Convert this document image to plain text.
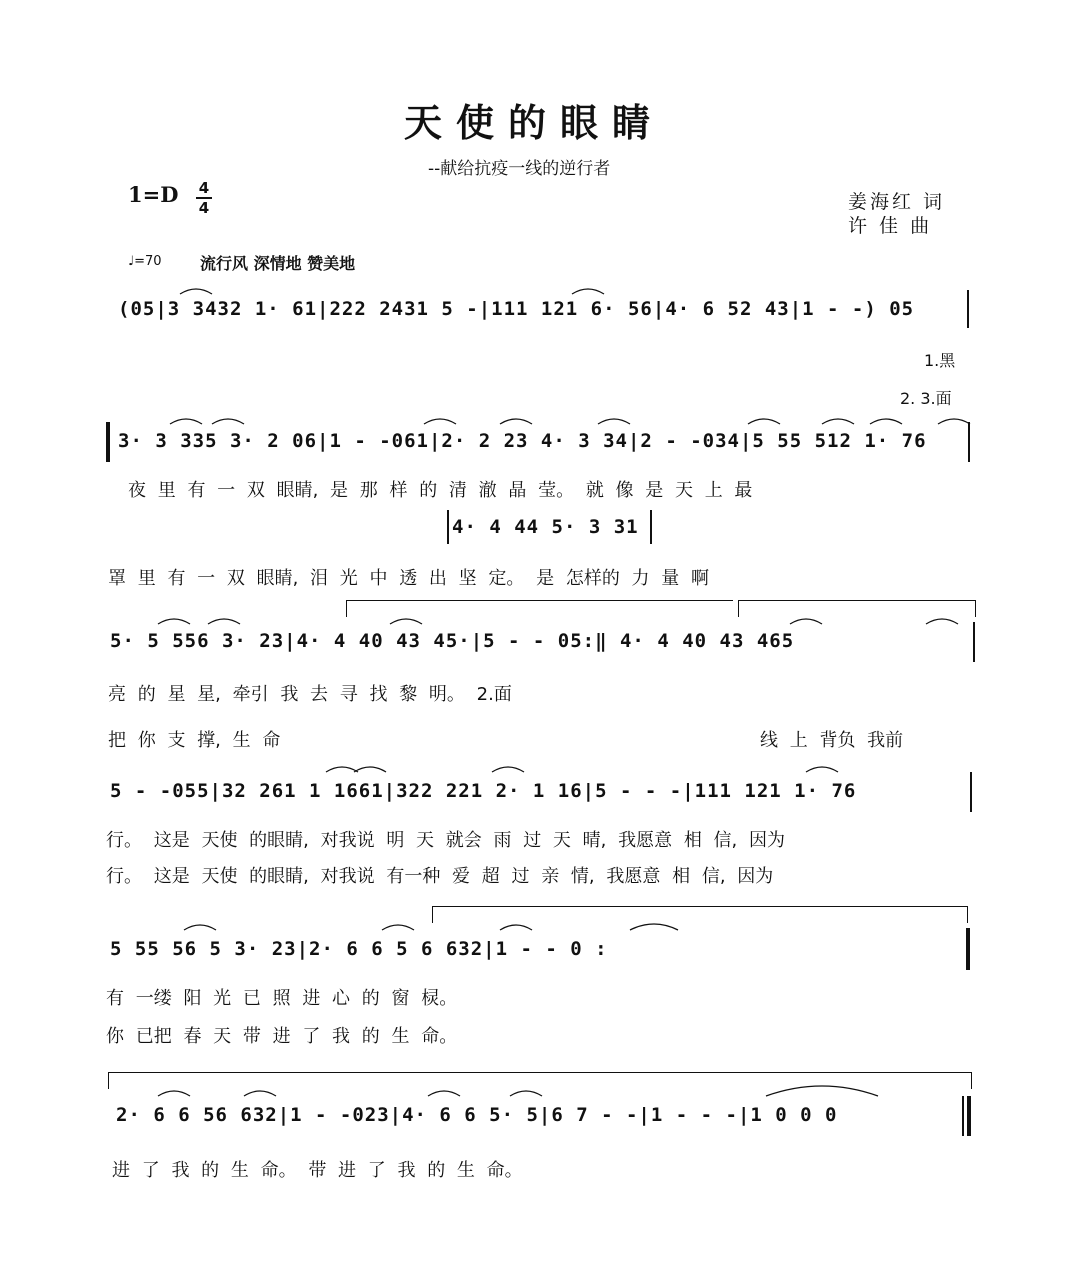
天使的眼睛
--献给抗疫一线的逆行者
1=D 4
4	姜海红 词
许 佳 曲
♩=70 流行风 深情地 赞美地
(05|3 3432 1· 61|222 2431 5 -|111 121 6· 56|4· 6 52 43|1 - -) 05
1.黑
2. 3.面
3· 3 335 3· 2 06|1 - -061|2· 2 23 4· 3 34|2 - -034|5 55 512 1· 76
夜 里 有 一 双 眼睛, 是 那 样 的 清 澈 晶 莹。 就 像 是 天 上 最
4· 4 44 5· 3 31
罩 里 有 一 双 眼睛, 泪 光 中 透 出 坚 定。 是 怎样的 力 量 啊
5· 5 556 3· 23|4· 4 40 43 45·|5 - - 05:‖ 4· 4 40 43 465
亮 的 星 星, 牵引 我 去 寻 找 黎 明。 2.面
把 你 支 撑, 生 命	线 上 背负 我前
5 - -055|32 261 1 1661|322 221 2· 1 16|5 - - -|111 121 1· 76
行。 这是 天使 的眼睛, 对我说 明 天 就会 雨 过 天 晴, 我愿意 相 信, 因为
行。 这是 天使 的眼睛, 对我说 有一种 爱 超 过 亲 情, 我愿意 相 信, 因为
5 55 56 5 3· 23|2· 6 6 5 6 632|1 - - 0 :
有 一缕 阳 光 已 照 进 心 的 窗 棂。
你 已把 春 天 带 进 了 我 的 生 命。
2· 6 6 56 632|1 - -023|4· 6 6 5· 5|6 7 - -|1 - - -|1 0 0 0
进 了 我 的 生 命。 带 进 了 我 的 生 命。
